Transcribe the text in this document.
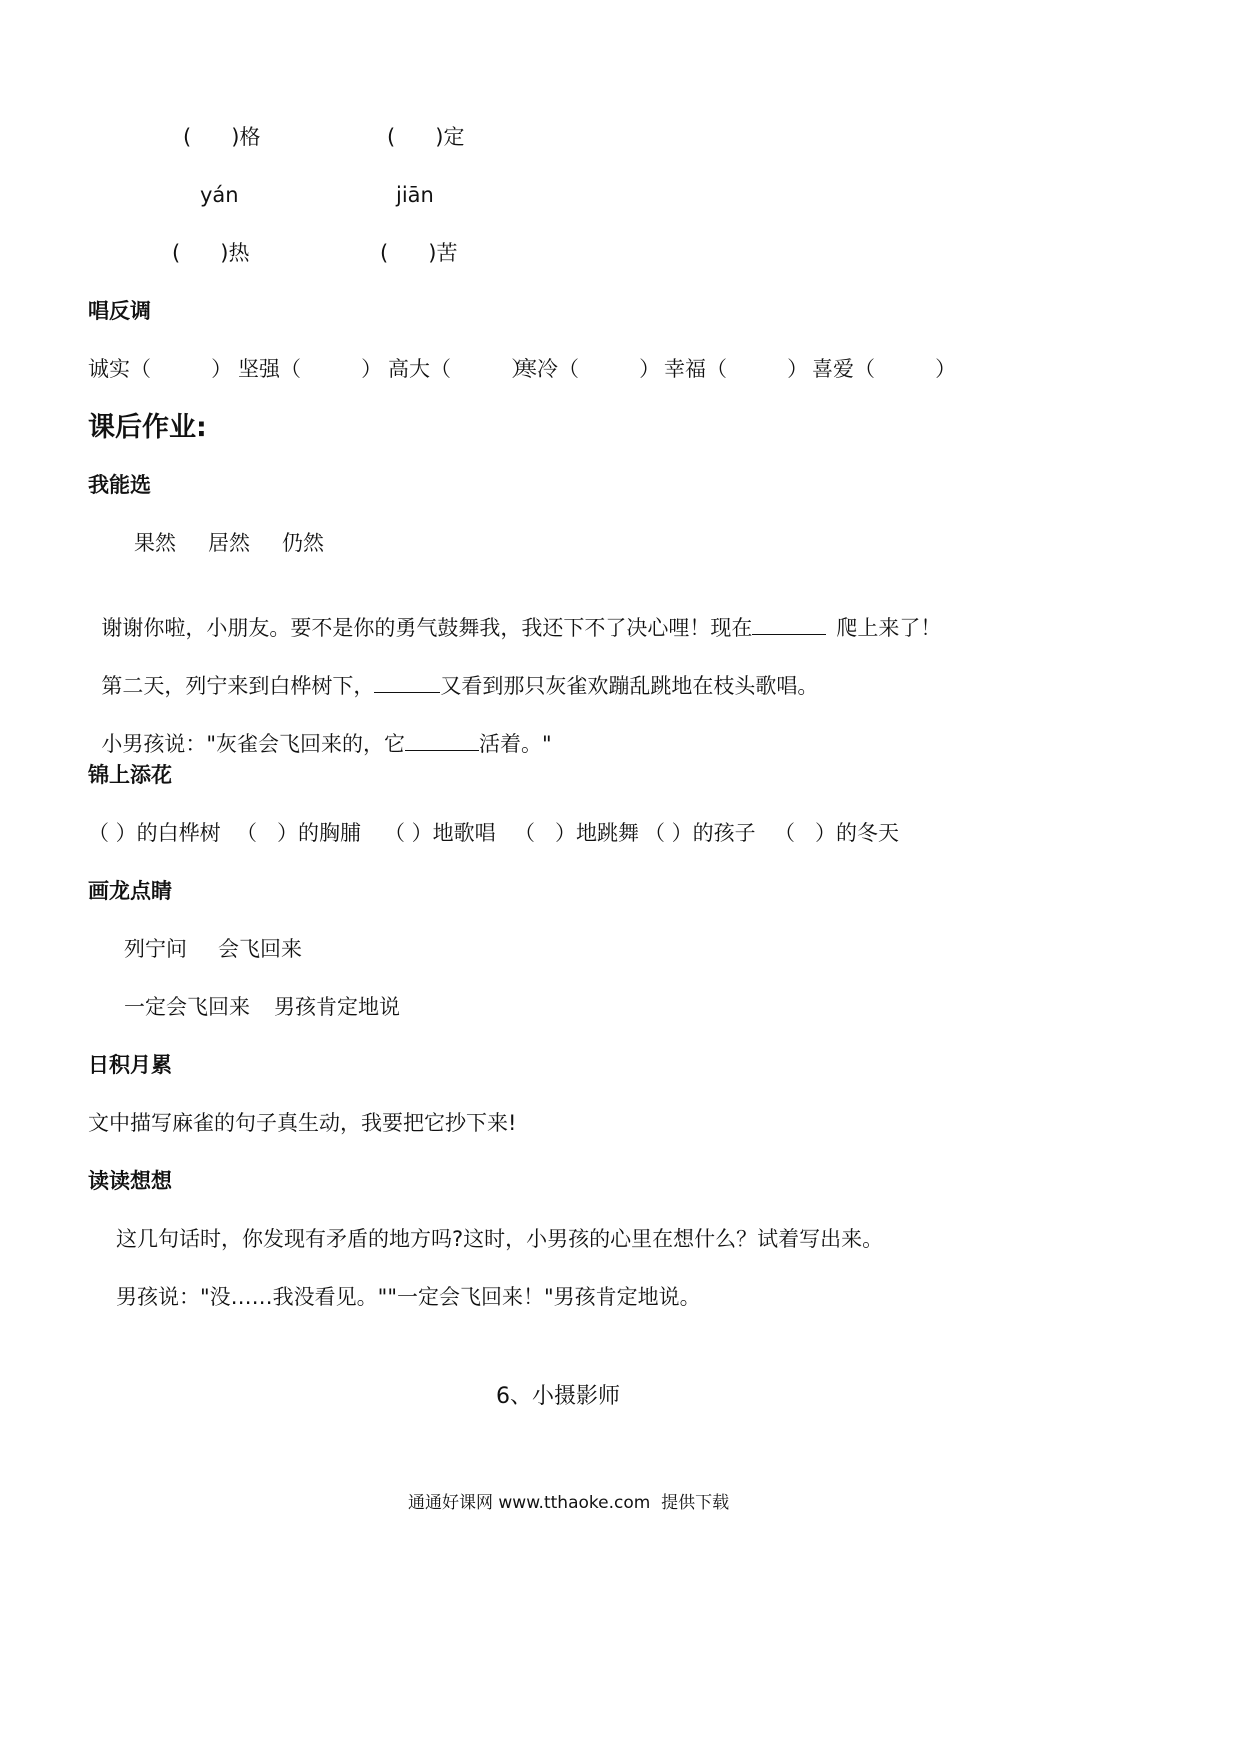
(      )格	(      )定
yán	jiān
(      )热	(      )苦
唱反调
诚实（         ） 坚强（         ） 高大（         ）
寒冷（         ） 幸福（         ） 喜爱（         ）
课后作业:
我能选
果然 居然 仍然

谢谢你啦，小朋友。要不是你的勇气鼓舞我，我还下不了决心哩！现在	爬上来了！

第二天，列宁来到白桦树下，	又看到那只灰雀欢蹦乱跳地在枝头歌唱。

小男孩说："灰雀会飞回来的，它	活着。"

锦上添花
（ ）的白桦树 （   ）的胸脯 （ ）地歌唱 （   ）地跳舞 （ ）的孩子 （   ）的冬天
画龙点睛
列宁问 会飞回来
一定会飞回来 男孩肯定地说
日积月累
文中描写麻雀的句子真生动，我要把它抄下来!
读读想想
这几句话时，你发现有矛盾的地方吗?这时，小男孩的心里在想什么？试着写出来。
男孩说："没……我没看见。""一定会飞回来！"男孩肯定地说。
6、小摄影师
通通好课网 www.tthaoke.com  提供下载
